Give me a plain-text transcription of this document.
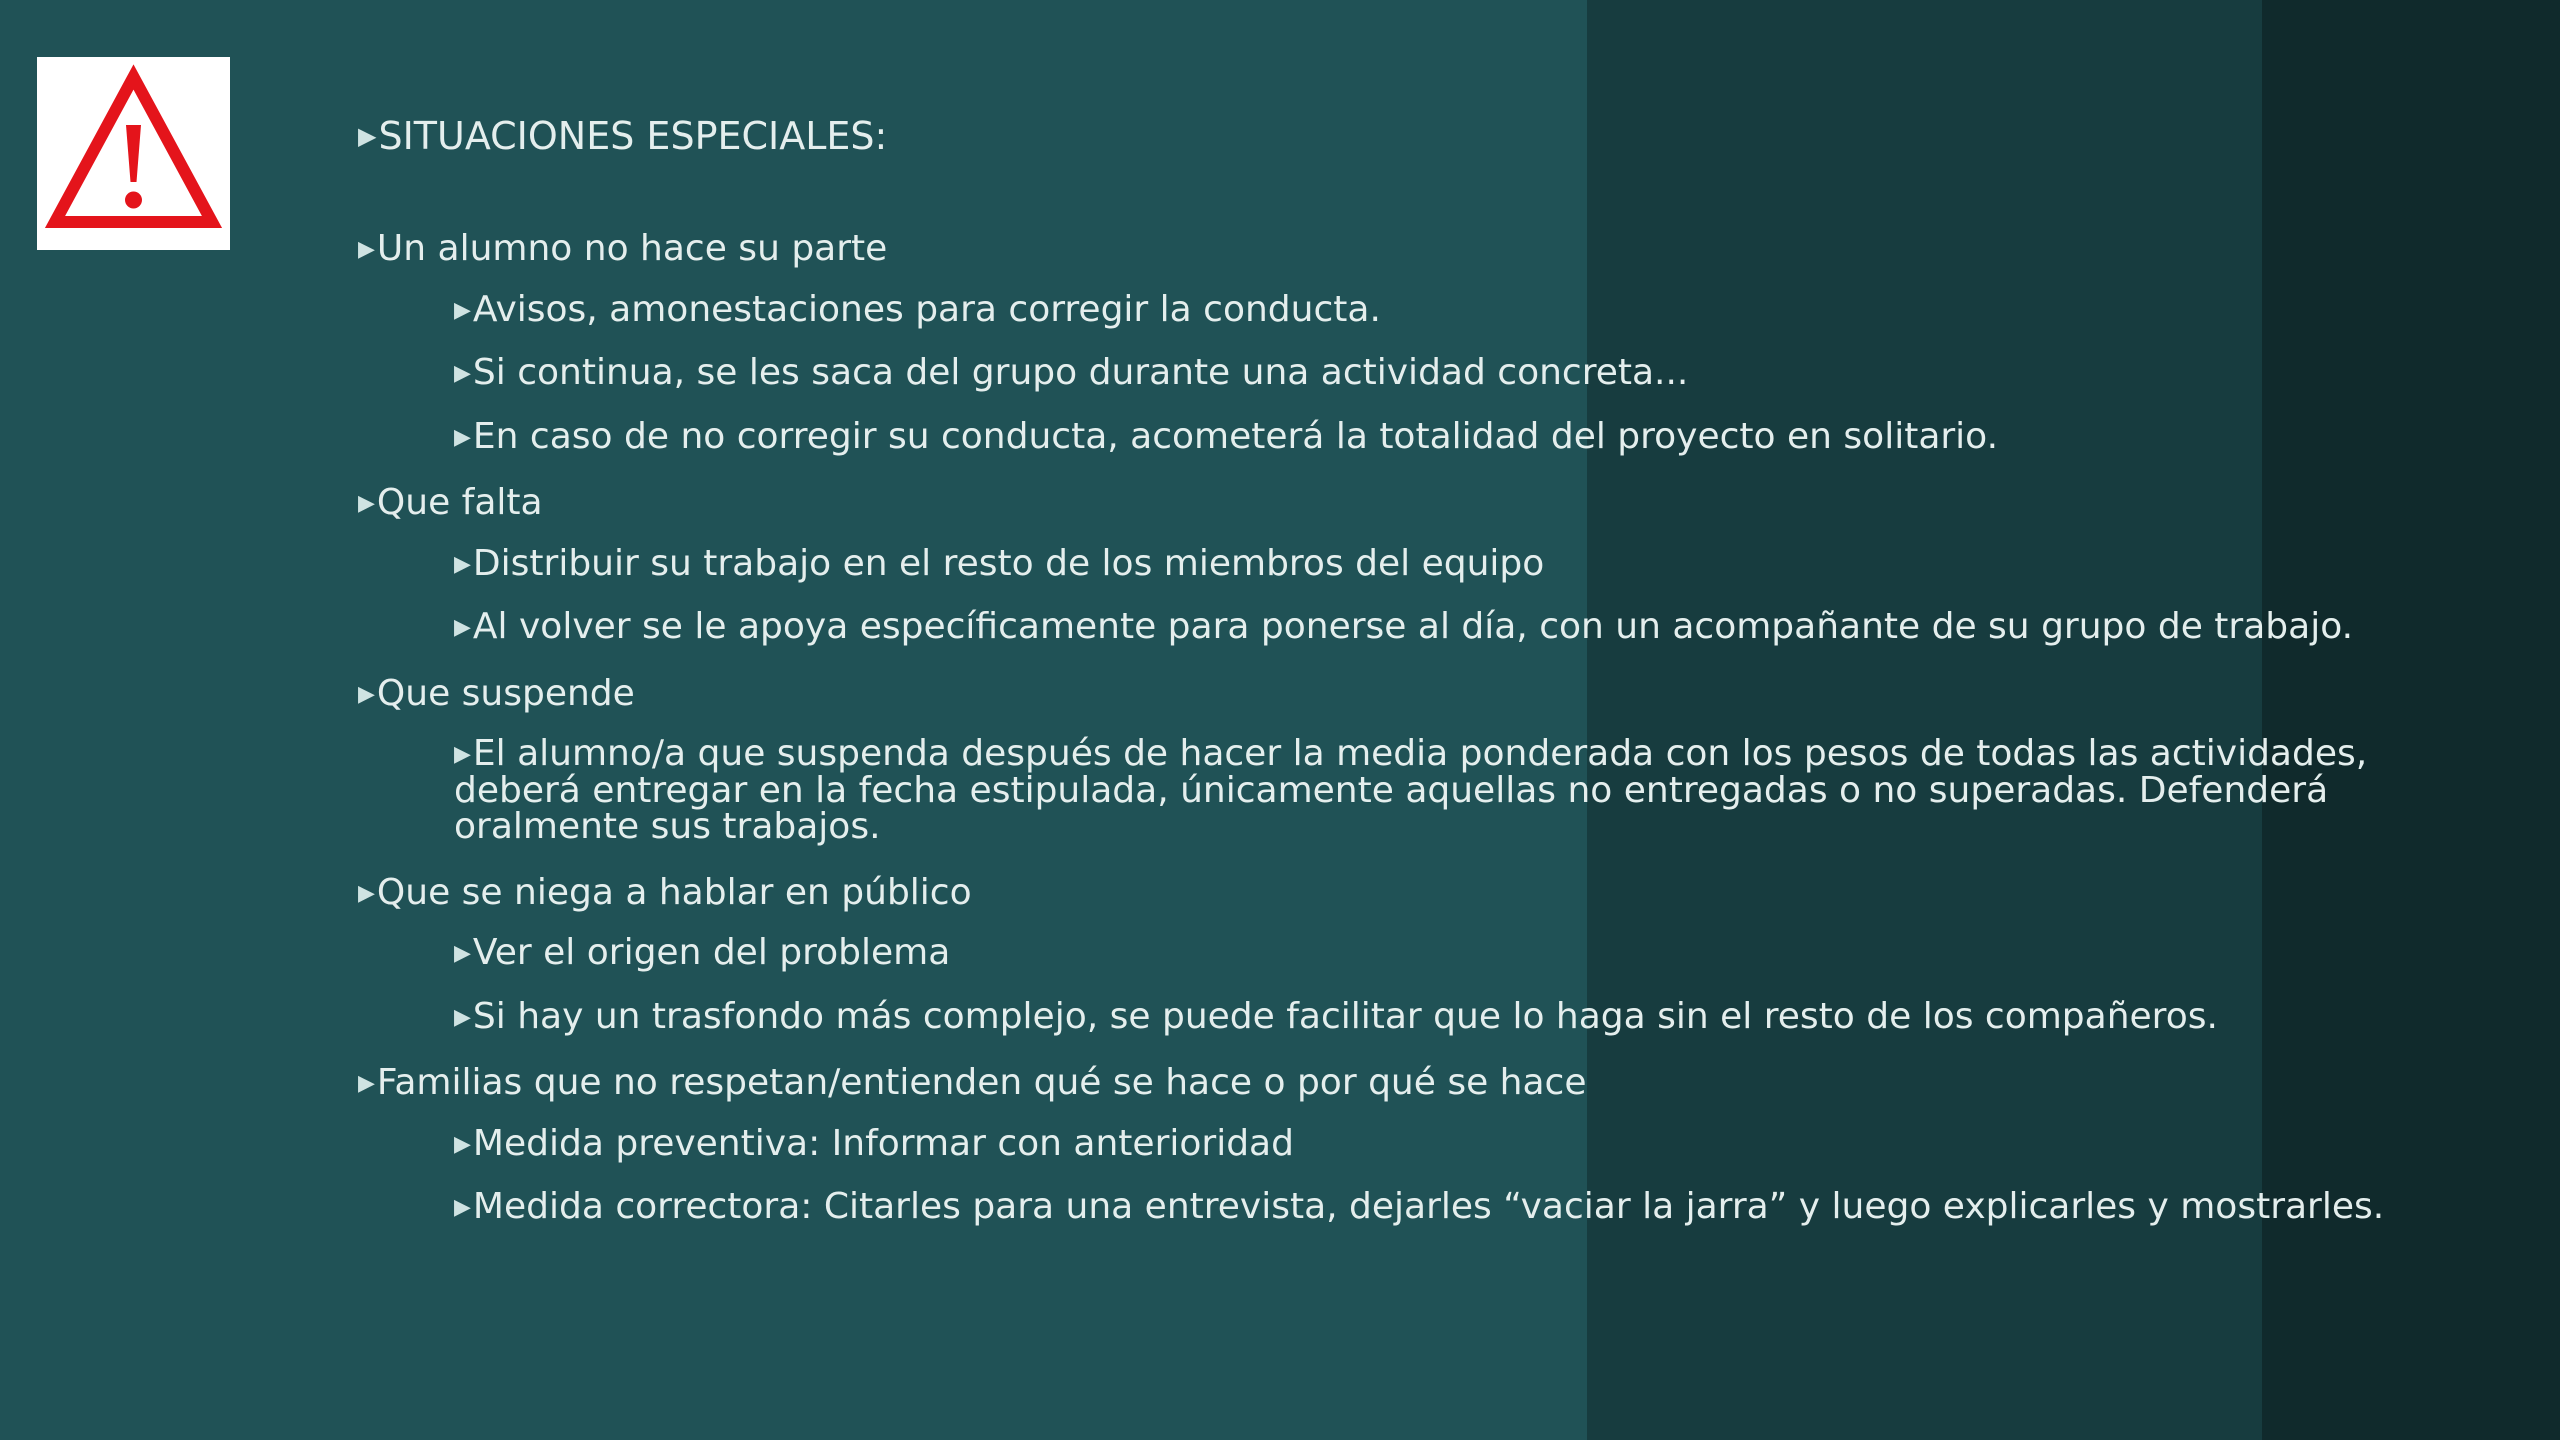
▶SITUACIONES ESPECIALES:
▶Un alumno no hace su parte
▶Avisos, amonestaciones para corregir la conducta.
▶Si continua, se les saca del grupo durante una actividad concreta...
▶En caso de no corregir su conducta, acometerá la totalidad del proyecto en solitario.
▶Que falta
▶Distribuir su trabajo en el resto de los miembros del equipo
▶Al volver se le apoya específicamente para ponerse al día, con un acompañante de su grupo de trabajo.
▶Que suspende
▶El alumno/a que suspenda después de hacer la media ponderada con los pesos de todas las actividades, deberá entregar en la fecha estipulada, únicamente aquellas no entregadas o no superadas. Defenderá oralmente sus trabajos.
▶Que se niega a hablar en público
▶Ver el origen del problema
▶Si hay un trasfondo más complejo, se puede facilitar que lo haga sin el resto de los compañeros.
▶Familias que no respetan/entienden qué se hace o por qué se hace
▶Medida preventiva: Informar con anterioridad
▶Medida correctora: Citarles para una entrevista, dejarles “vaciar la jarra” y luego explicarles y mostrarles.
